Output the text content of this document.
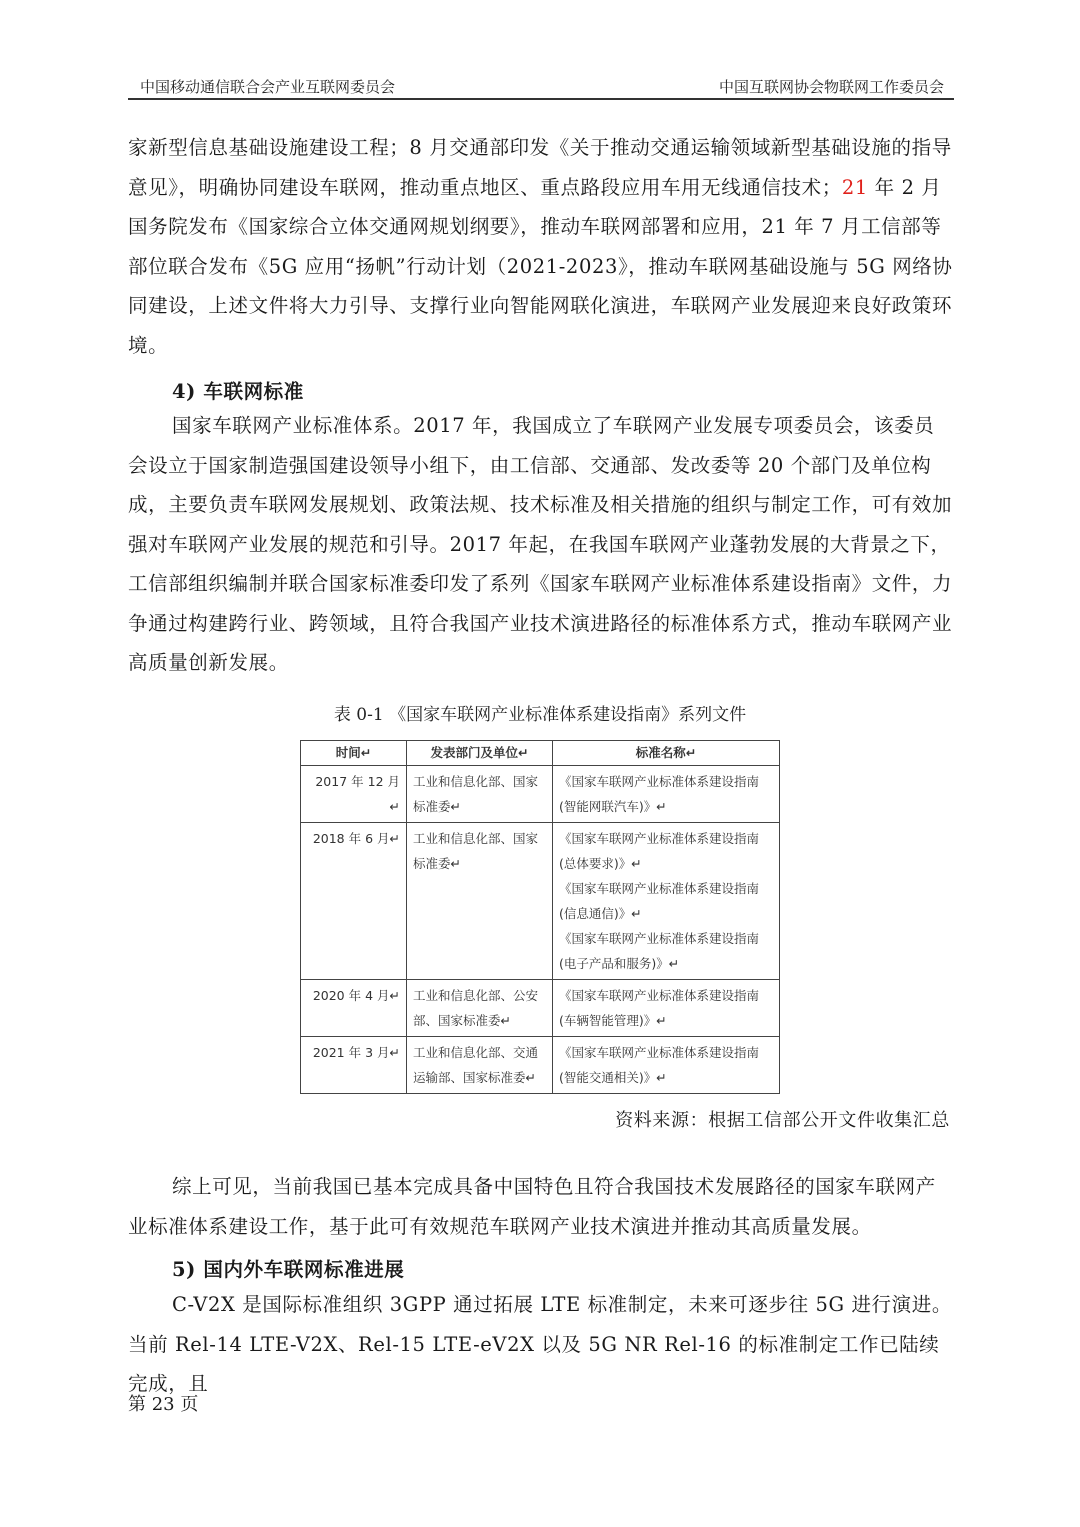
中国移动通信联合会产业互联网委员会	中国互联网协会物联网工作委员会

家新型信息基础设施建设工程；8 月交通部印发《关于推动交通运输领域新型基础设施的指导意见》，明确协同建设车联网，推动重点地区、重点路段应用车用无线通信技术；21 年 2 月国务院发布《国家综合立体交通网规划纲要》，推动车联网部署和应用，21 年 7 月工信部等部位联合发布《5G 应用“扬帆”行动计划（2021-2023》，推动车联网基础设施与 5G 网络协同建设，上述文件将大力引导、支撑行业向智能网联化演进，车联网产业发展迎来良好政策环境。

4) 车联网标准

国家车联网产业标准体系。2017 年，我国成立了车联网产业发展专项委员会，该委员会设立于国家制造强国建设领导小组下，由工信部、交通部、发改委等 20 个部门及单位构成，主要负责车联网发展规划、政策法规、技术标准及相关措施的组织与制定工作，可有效加强对车联网产业发展的规范和引导。2017 年起，在我国车联网产业蓬勃发展的大背景之下，工信部组织编制并联合国家标准委印发了系列《国家车联网产业标准体系建设指南》文件，力争通过构建跨行业、跨领域，且符合我国产业技术演进路径的标准体系方式，推动车联网产业高质量创新发展。

表 0-1 《国家车联网产业标准体系建设指南》系列文件
时间↵	发表部门及单位↵	标准名称↵
2017 年 12 月↵	工业和信息化部、国家标准委↵	《国家车联网产业标准体系建设指南(智能网联汽车)》↵
2018 年 6 月↵	工业和信息化部、国家标准委↵	《国家车联网产业标准体系建设指南(总体要求)》↵
《国家车联网产业标准体系建设指南(信息通信)》↵
《国家车联网产业标准体系建设指南(电子产品和服务)》↵

2020 年 4 月↵	工业和信息化部、公安部、国家标准委↵	《国家车联网产业标准体系建设指南(车辆智能管理)》↵
2021 年 3 月↵	工业和信息化部、交通运输部、国家标准委↵	《国家车联网产业标准体系建设指南(智能交通相关)》↵
资料来源：根据工信部公开文件收集汇总

综上可见，当前我国已基本完成具备中国特色且符合我国技术发展路径的国家车联网产业标准体系建设工作，基于此可有效规范车联网产业技术演进并推动其高质量发展。

5) 国内外车联网标准进展

C-V2X 是国际标准组织 3GPP 通过拓展 LTE 标准制定，未来可逐步往 5G 进行演进。当前 Rel-14 LTE-V2X、Rel-15 LTE-eV2X 以及 5G NR Rel-16 的标准制定工作已陆续完成，且

第 23 页
